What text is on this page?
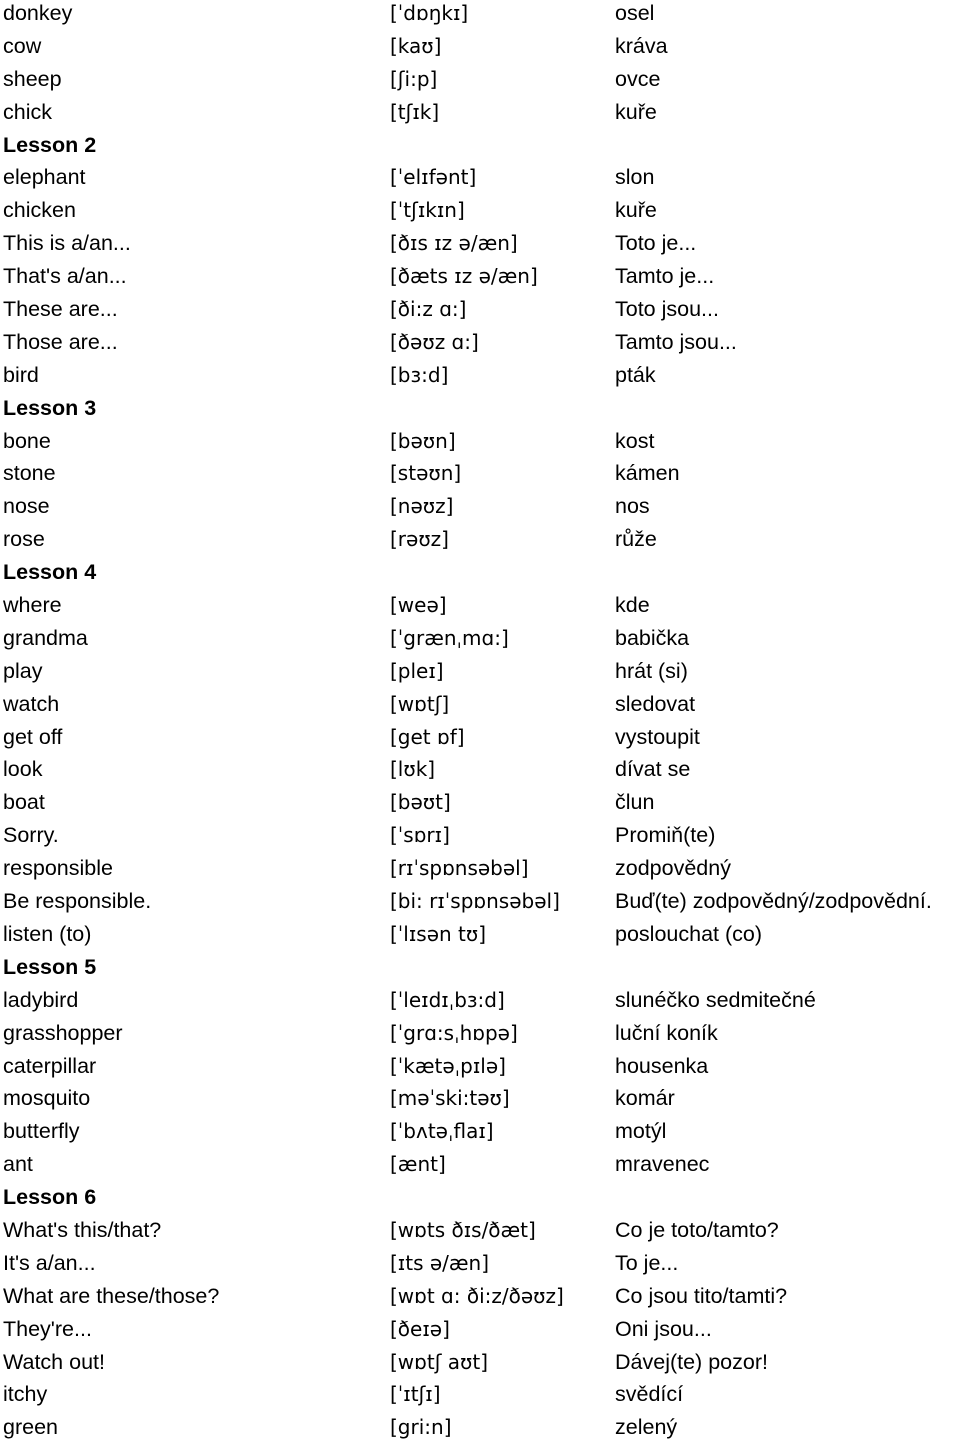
donkey	[ˈdɒŋkɪ]	osel
cow	[kaʊ]	kráva
sheep	[ʃi:p]	ovce
chick	[tʃɪk]	kuře
Lesson 2
elephant	[ˈelɪfənt]	slon
chicken	[ˈtʃɪkɪn]	kuře
This is a/an...	[ðɪs ɪz ə/æn]	Toto je...
That's a/an...	[ðæts ɪz ə/æn]	Tamto je...
These are...	[ði:z ɑ:]	Toto jsou...
Those are...	[ðəʊz ɑ:]	Tamto jsou...
bird	[bɜ:d]	pták
Lesson 3
bone	[bəʊn]	kost
stone	[stəʊn]	kámen
nose	[nəʊz]	nos
rose	[rəʊz]	růže
Lesson 4
where	[weə]	kde
grandma	[ˈgrænˌmɑ:]	babička
play	[pleɪ]	hrát (si)
watch	[wɒtʃ]	sledovat
get off	[get ɒf]	vystoupit
look	[lʊk]	dívat se
boat	[bəʊt]	člun
Sorry.	[ˈsɒrɪ]	Promiň(te)
responsible	[rɪˈspɒnsəbəl]	zodpovědný
Be responsible.	[bi: rɪˈspɒnsəbəl]	Buď(te) zodpovědný/zodpovědní.
listen (to)	[ˈlɪsən tʊ]	poslouchat (co)
Lesson 5
ladybird	[ˈleɪdɪˌbɜ:d]	slunéčko sedmitečné
grasshopper	[ˈgrɑ:sˌhɒpə]	luční koník
caterpillar	[ˈkætəˌpɪlə]	housenka
mosquito	[məˈski:təʊ]	komár
butterfly	[ˈbʌtəˌflaɪ]	motýl
ant	[ænt]	mravenec
Lesson 6
What's this/that?	[wɒts ðɪs/ðæt]	Co je toto/tamto?
It's a/an...	[ɪts ə/æn]	To je...
What are these/those?	[wɒt ɑ: ði:z/ðəʊz] Co jsou tito/tamti?
They're...	[ðeɪə]	Oni jsou...
Watch out!	[wɒtʃ aʊt]	Dávej(te) pozor!
itchy	[ˈɪtʃɪ]	svědící
green	[gri:n]	zelený
